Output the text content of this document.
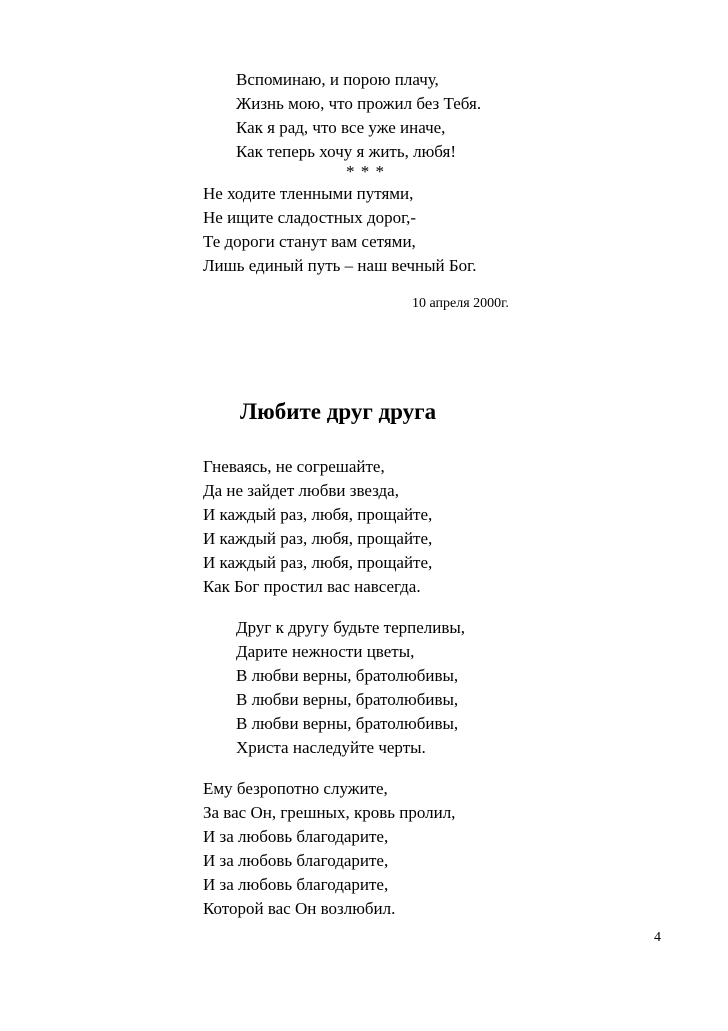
Вспоминаю, и порою плачу,
Жизнь мою, что прожил без Тебя.
Как я рад, что все уже иначе,
Как теперь хочу я жить, любя!
* * *
Не ходите тленными путями,
Не ищите сладостных дорог,-
Те дороги станут вам сетями,
Лишь единый путь – наш вечный Бог.
10 апреля 2000г.
Любите друг друга
Гневаясь, не согрешайте,
Да не зайдет любви звезда,
И каждый раз, любя, прощайте,
И каждый раз, любя, прощайте,
И каждый раз, любя, прощайте,
Как Бог простил вас навсегда.
Друг к другу будьте терпеливы,
Дарите нежности цветы,
В любви верны, братолюбивы,
В любви верны, братолюбивы,
В любви верны, братолюбивы,
Христа наследуйте черты.
Ему безропотно служите,
За вас Он, грешных, кровь пролил,
И за любовь благодарите,
И за любовь благодарите,
И за любовь благодарите,
Которой вас Он возлюбил.
4
